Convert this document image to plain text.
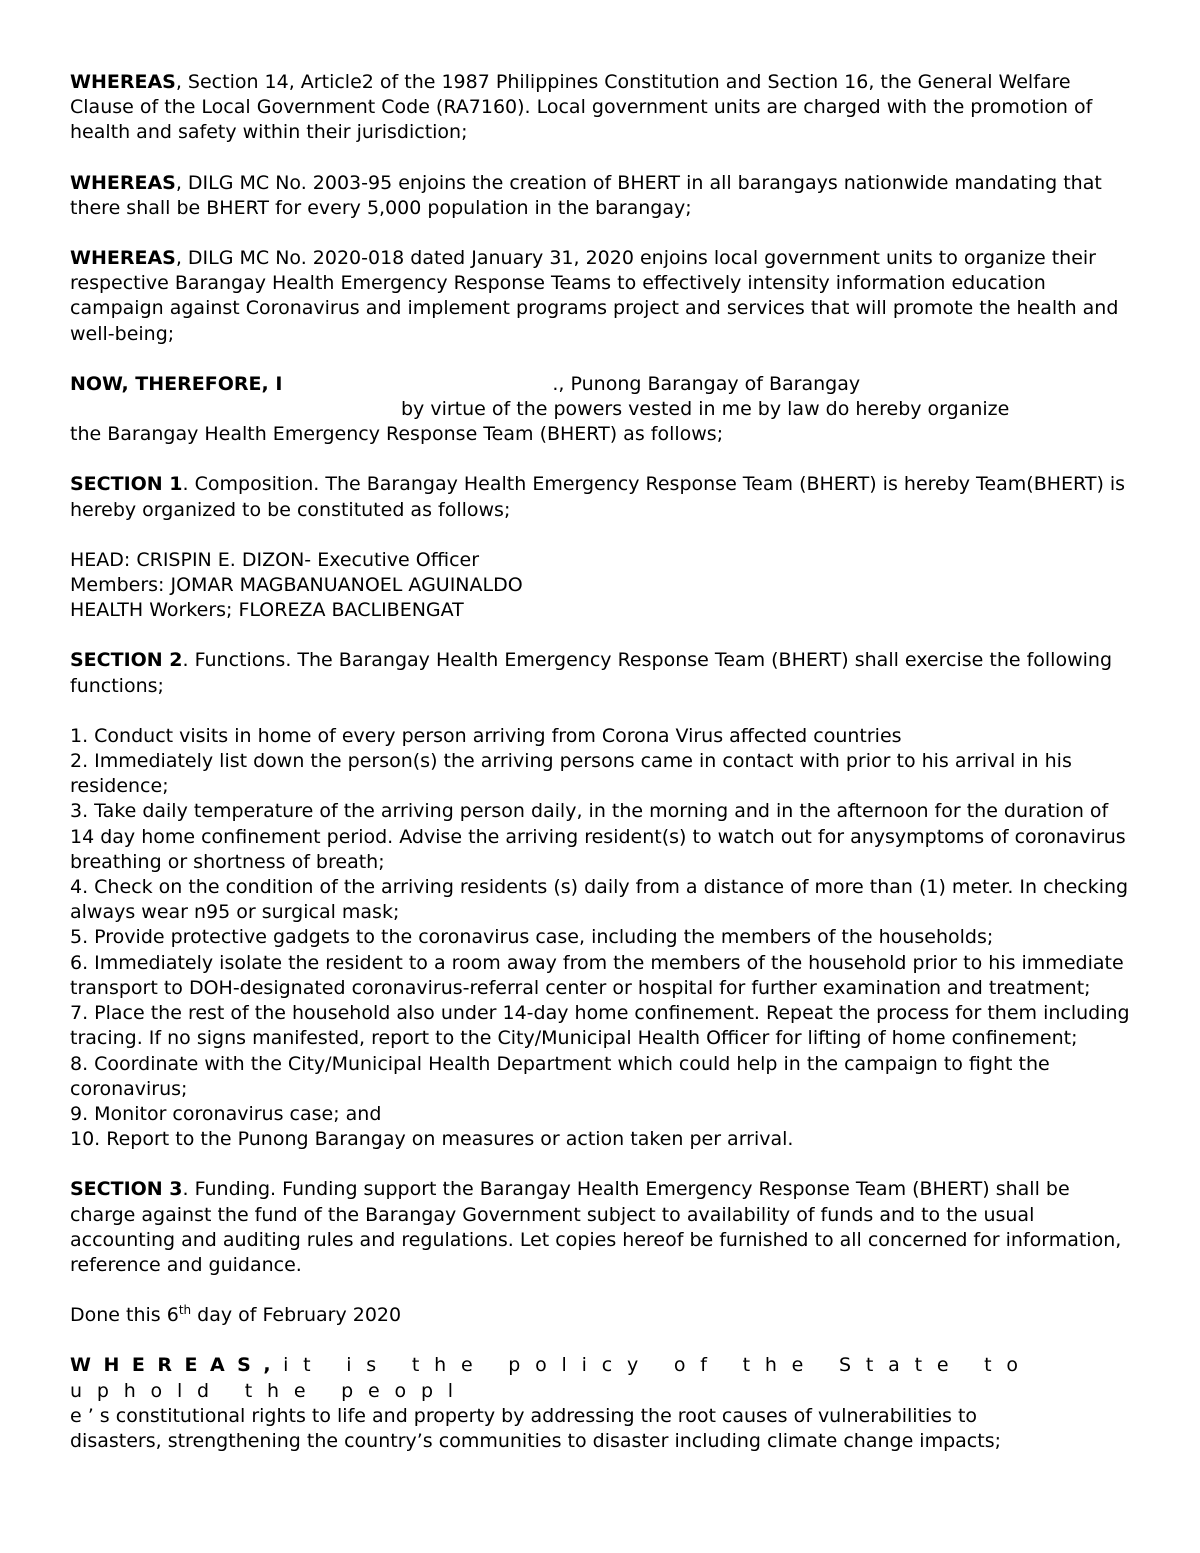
WHEREAS, Section 14, Article2 of the 1987 Philippines Constitution and Section 16, the General Welfare Clause of the Local Government Code (RA7160). Local government units are charged with the promotion of health and safety within their jurisdiction;

WHEREAS, DILG MC No. 2003-95 enjoins the creation of BHERT in all barangays nationwide mandating that there shall be BHERT for every 5,000 population in the barangay;

WHEREAS, DILG MC No. 2020-018 dated January 31, 2020 enjoins local government units to organize their respective Barangay Health Emergency Response Teams to effectively intensity information education campaign against Coronavirus and implement programs project and services that will promote the health and well-being;

NOW, THEREFORE, I	., Punong Barangay of Barangay
by virtue of the powers vested in me by law do hereby organize
the Barangay Health Emergency Response Team (BHERT) as follows;

SECTION 1. Composition. The Barangay Health Emergency Response Team (BHERT) is hereby Team(BHERT) is hereby organized to be constituted as follows;

HEAD: CRISPIN E. DIZON- Executive Officer
Members: JOMAR MAGBANUANOEL AGUINALDO
HEALTH Workers; FLOREZA BACLIBENGAT

SECTION 2. Functions. The Barangay Health Emergency Response Team (BHERT) shall exercise the following functions;

1. Conduct visits in home of every person arriving from Corona Virus affected countries
2. Immediately list down the person(s) the arriving persons came in contact with prior to his arrival in his residence;
3. Take daily temperature of the arriving person daily, in the morning and in the afternoon for the duration of 14 day home confinement period. Advise the arriving resident(s) to watch out for anysymptoms of coronavirus breathing or shortness of breath;
4. Check on the condition of the arriving residents (s) daily from a distance of more than (1) meter. In checking always wear n95 or surgical mask;
5. Provide protective gadgets to the coronavirus case, including the members of the households;
6. Immediately isolate the resident to a room away from the members of the household prior to his immediate transport to DOH-designated coronavirus-referral center or hospital for further examination and treatment;
7. Place the rest of the household also under 14-day home confinement. Repeat the process for them including tracing. If no signs manifested, report to the City/Municipal Health Officer for lifting of home confinement;
8. Coordinate with the City/Municipal Health Department which could help in the campaign to fight the coronavirus;
9. Monitor coronavirus case; and
10. Report to the Punong Barangay on measures or action taken per arrival.

SECTION 3. Funding. Funding support the Barangay Health Emergency Response Team (BHERT) shall be charge against the fund of the Barangay Government subject to availability of funds and to the usual accounting and auditing rules and regulations. Let copies hereof be furnished to all concerned for information, reference and guidance.

Done this 6th day of February 2020

WHEREAS,it is the policy of the State to uphold the peopl
e ’ s constitutional rights to life and property by addressing the root causes of vulnerabilities to
disasters, strengthening the country’s communities to disaster including climate change impacts;
